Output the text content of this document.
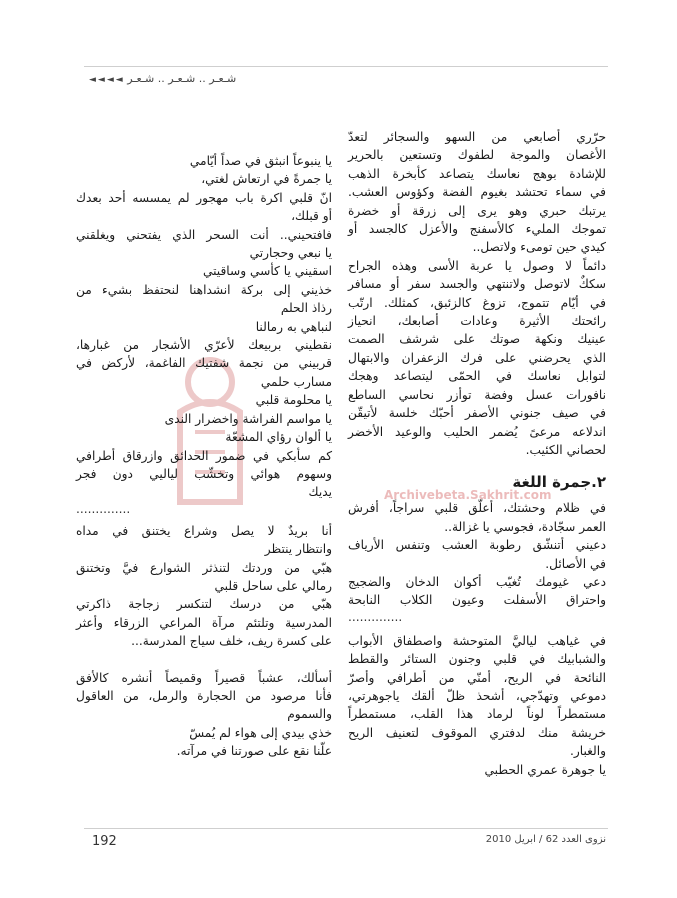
شـعـر .. شـعـر .. شـعـر ◄◄◄◄
حرّري أصابعي من السهو والسجائر لتعدّ
الأغصان والموجة لطفوك وتستعين بالحرير
للإشادة بوهج نعاسك يتصاعد كأبخرة الذهب
في سماء تحتشد بغيوم الفضة وكؤوس العشب.
يرتبك حبري وهو يرى إلى زرقة أو خضرة
تموجك المليء كالأسفنج والأعزل كالجسد أو
كيدي حين تومىء ولاتصل..
دائماً لا وصول يا عربة الأسى وهذه الجراح
سككٌ لاتوصل ولاتنتهي والجسد سفر أو مسافر
في أيّام تتموج، تزوغ كالزئبق، كمثلك. ارتّب
رائحتك الأثيرة وعادات أصابعك، انحياز
عينيك ونكهة صوتك على شرشف الصمت
الذي يحرضني على فرك الزعفران والابتهال
لتوابل نعاسك في الحمّى ليتصاعد وهجك
نافورات عسل وفضة توأزر نحاسي الساطع
في صيف جنوني الأصفر أحبّك خلسة لأتيقّن
اندلاعه مرعىً يُضمر الحليب والوعيد الأخضر
لحصاني الكئيب.
٢.جمرة اللغة
في ظلام وحشتك، أعلّق قلبي سراجاً، أفرش
العمر سجّادة، فجوسي يا غزالة..
دعيني أتنشّق رطوبة العشب وتنفس الأرياف
في الأصائل.
دعي غيومك تُغيّب أكوان الدخان والضجيج
واحتراق الأسفلت وعيون الكلاب النابحة
..............
في غياهب لياليَّ المتوحشة واصطفاق الأبواب
والشبابيك في قلبي وجنون الستائر والقطط
النائحة في الريح، أمنّي من أطرافي وأصرّ
دموعي وتهدّجي، أشحذ ظلّ ألقك ياجوهرتي،
مستمطراً لوناً لرماد هذا القلب، مستمطراً
خريشة منك لدفتري الموقوف لتعنيف الريح
والغبار.
يا جوهرة عمري الحطبي
يا ينبوعاً انبثق في صداً أيّامي
يا جمرةً في ارتعاش لغتي،
انّ قلبي اكرة باب مهجور لم يمسسه أحد بعدك
أو قبلك،
فافتحيني.. أنت السحر الذي يفتحني ويغلقني
يا نبعي وحجارتي
اسقيني يا كأسي وساقيتي
خذيني إلى بركة انشداهنا لنحتفظ بشيء من
رذاذ الحلم
لنباهي به رمالنا
نقطيني بربيعك لأعرّي الأشجار من غبارها،
قربيني من نجمة شفتيك الفاغمة، لأركض في
مسارب حلمي
يا محلومة قلبي
يا مواسم الفراشة واخضرار الندى
يا ألوان رؤاي المشعّة
كم سأبكي في ضمور الحدائق وازرقاق أطرافي
وسهوم هوائي وتخشّب لياليي دون فجر
يديك
..............
أنا بريدٌ لا يصل وشراع يختنق في مداه
وانتظار ينتظر
هبّي من وردتك لتنذثر الشوارع فيَّ وتختنق
رمالي على ساحل قلبي
هبّي من درسك لتنكسر زجاجة ذاكرتي
المدرسية وتلتئم مرآة المراعي الزرقاء وأعثر
على كسرة ريف، خلف سياج المدرسة...
أسألك، عشباً قصيراً وقميصاً أنشره كالأفق
فأنا مرصود من الحجارة والرمل، من العاقول
والسموم
خذي بيدي إلى هواء لم يُمسّ
علّنا نقع على صورتنا في مرآته.
Archivebeta.Sakhrit.com
192	نزوى العدد 62 / ابريل 2010
